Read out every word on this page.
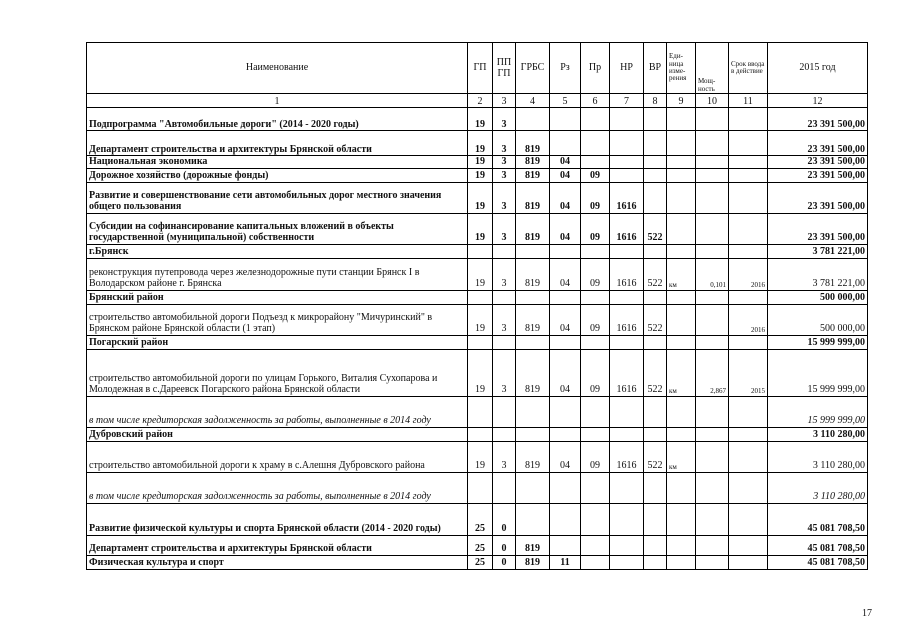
Наименование	ГП	ПП ГП	ГРБС	Рз	Пр	НР	ВР	Еди-ница изме-рения	Мощ-ность	Срок ввода в действие	2015 год
1	2	3	4	5	6	7	8	9	10	11	12
Подпрограмма "Автомобильные дороги" (2014 - 2020 годы)	19	3									23 391 500,00
Департамент строительства и архитектуры Брянской области	19	3	819								23 391 500,00
Национальная экономика	19	3	819	04							23 391 500,00
Дорожное хозяйство (дорожные фонды)	19	3	819	04	09						23 391 500,00
Развитие и совершенствование сети автомобильных дорог местного значения общего пользования	19	3	819	04	09	1616					23 391 500,00
Субсидии на софинансирование капитальных вложений в объекты государственной (муниципальной) собственности	19	3	819	04	09	1616	522				23 391 500,00
г.Брянск											3 781 221,00
реконструкция путепровода через железнодорожные пути станции Брянск I в Володарском районе г. Брянска	19	3	819	04	09	1616	522	км	0,101	2016	3 781 221,00
Брянский район											500 000,00
строительство автомобильной дороги Подъезд к микрорайону "Мичуринский" в Брянском районе Брянской области (1 этап)	19	3	819	04	09	1616	522			2016	500 000,00
Погарский район											15 999 999,00
строительство автомобильной дороги по улицам Горького, Виталия Сухопарова и Молодежная в с.Дареевск Погарского района Брянской области	19	3	819	04	09	1616	522	км	2,867	2015	15 999 999,00
в том числе кредиторская задолженность за работы, выполненные в 2014 году											15 999 999,00
Дубровский район											3 110 280,00
строительство автомобильной дороги к храму в с.Алешня Дубровского района	19	3	819	04	09	1616	522	км			3 110 280,00
в том числе кредиторская задолженность за работы, выполненные в 2014 году											3 110 280,00
Развитие физической культуры и спорта Брянской области (2014 - 2020 годы)	25	0									45 081 708,50
Департамент строительства и архитектуры Брянской области	25	0	819								45 081 708,50
Физическая культура и спорт	25	0	819	11							45 081 708,50
17
